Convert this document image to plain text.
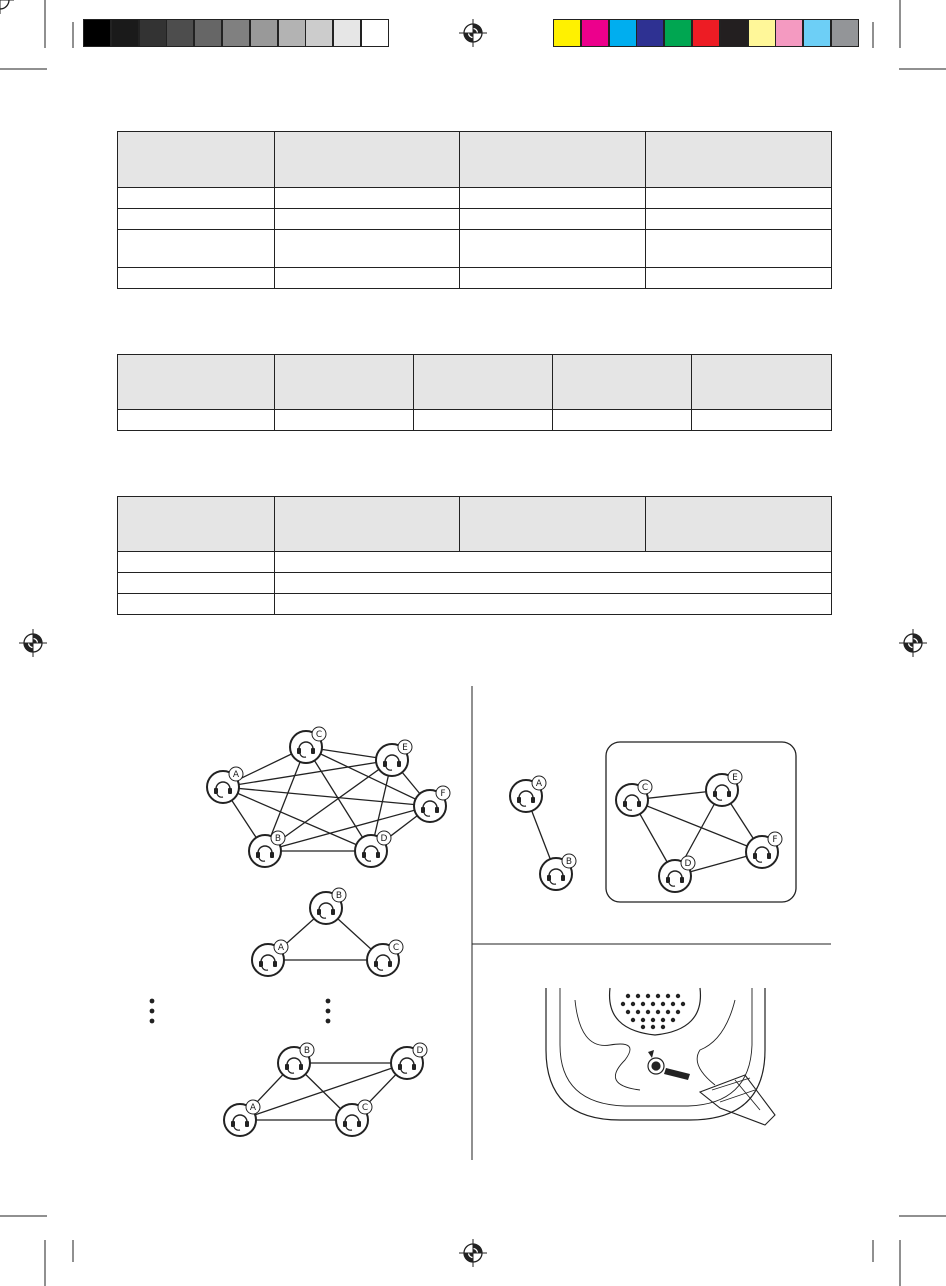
A
B
C
D
E
F
A
B
C
A
B
C
D
A
B
C
D
E
F
